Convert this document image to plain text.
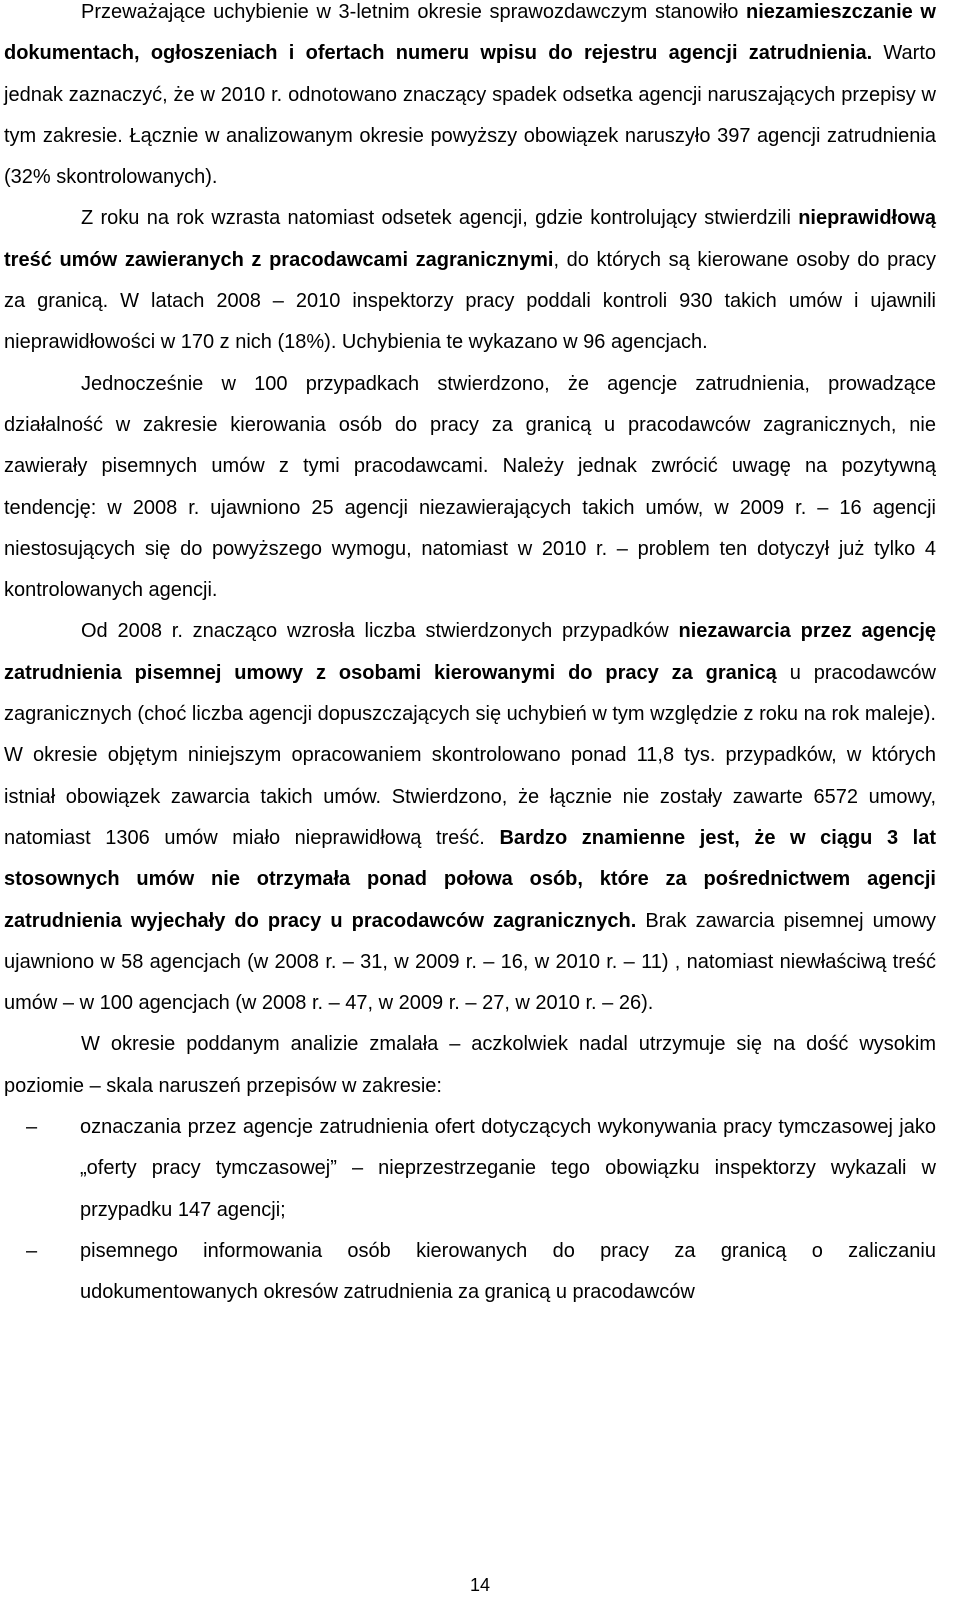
Przeważające uchybienie w 3-letnim okresie sprawozdawczym stanowiło niezamieszczanie w dokumentach, ogłoszeniach i ofertach numeru wpisu do rejestru agencji zatrudnienia. Warto jednak zaznaczyć, że w 2010 r. odnotowano znaczący spadek odsetka agencji naruszających przepisy w tym zakresie. Łącznie w analizowanym okresie powyższy obowiązek naruszyło 397 agencji zatrudnienia (32% skontrolowanych).

Z roku na rok wzrasta natomiast odsetek agencji, gdzie kontrolujący stwierdzili nieprawidłową treść umów zawieranych z pracodawcami zagranicznymi, do których są kierowane osoby do pracy za granicą. W latach 2008 – 2010 inspektorzy pracy poddali kontroli 930 takich umów i ujawnili nieprawidłowości w 170 z nich (18%). Uchybienia te wykazano w 96 agencjach.

Jednocześnie w 100 przypadkach stwierdzono, że agencje zatrudnienia, prowadzące działalność w zakresie kierowania osób do pracy za granicą u pracodawców zagranicznych, nie zawierały pisemnych umów z tymi pracodawcami. Należy jednak zwrócić uwagę na pozytywną tendencję: w 2008 r. ujawniono 25 agencji niezawierających takich umów, w 2009 r. – 16 agencji niestosujących się do powyższego wymogu, natomiast w 2010 r. – problem ten dotyczył już tylko 4 kontrolowanych agencji.

Od 2008 r. znacząco wzrosła liczba stwierdzonych przypadków niezawarcia przez agencję zatrudnienia pisemnej umowy z osobami kierowanymi do pracy za granicą u pracodawców zagranicznych (choć liczba agencji dopuszczających się uchybień w tym względzie z roku na rok maleje). W okresie objętym niniejszym opracowaniem skontrolowano ponad 11,8 tys. przypadków, w których istniał obowiązek zawarcia takich umów. Stwierdzono, że łącznie nie zostały zawarte 6572 umowy, natomiast 1306 umów miało nieprawidłową treść. Bardzo znamienne jest, że w ciągu 3 lat stosownych umów nie otrzymała ponad połowa osób, które za pośrednictwem agencji zatrudnienia wyjechały do pracy u pracodawców zagranicznych. Brak zawarcia pisemnej umowy ujawniono w 58 agencjach (w 2008 r. – 31, w 2009 r. – 16, w 2010 r. – 11) , natomiast niewłaściwą treść umów – w 100 agencjach (w 2008 r. – 47, w 2009 r. – 27, w 2010 r. – 26).

W okresie poddanym analizie zmalała – aczkolwiek nadal utrzymuje się na dość wysokim poziomie – skala naruszeń przepisów w zakresie:

– oznaczania przez agencje zatrudnienia ofert dotyczących wykonywania pracy tymczasowej jako „oferty pracy tymczasowej” – nieprzestrzeganie tego obowiązku inspektorzy wykazali w przypadku 147 agencji;
– pisemnego informowania osób kierowanych do pracy za granicą o zaliczaniu udokumentowanych okresów zatrudnienia za granicą u pracodawców
14
